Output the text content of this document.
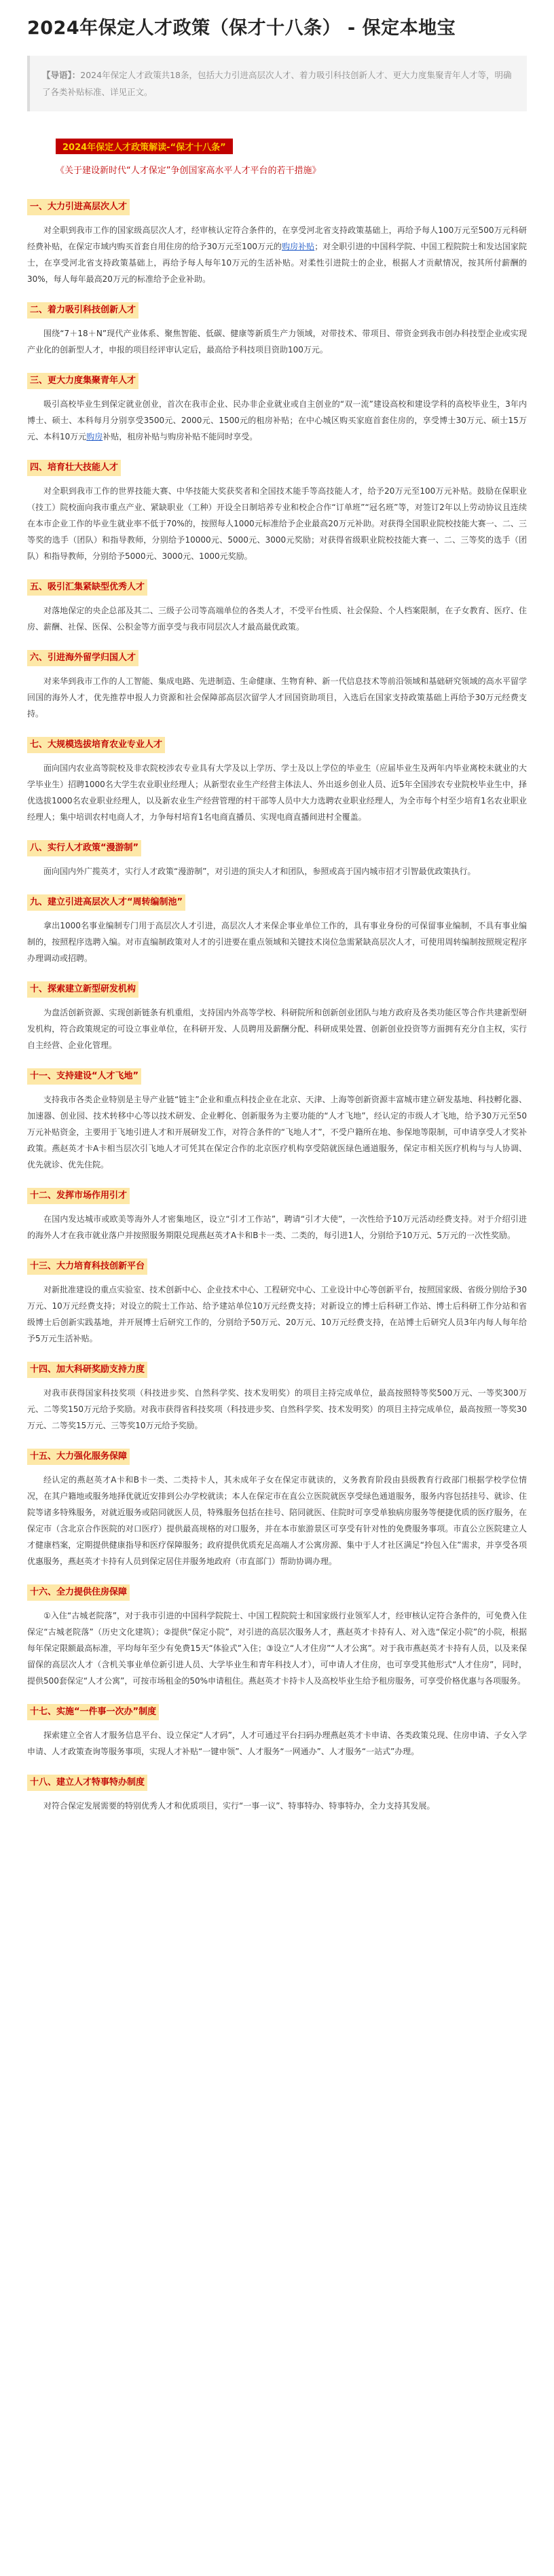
2024年保定人才政策（保才十八条） - 保定本地宝
【导语】：2024年保定人才政策共18条，包括大力引进高层次人才、着力吸引科技创新人才、更大力度集聚青年人才等，明确了各类补贴标准、详见正文。
2024年保定人才政策解读-“保才十八条”
《关于建设新时代“人才保定”争创国家高水平人才平台的若干措施》
一、大力引进高层次人才

对全职到我市工作的国家级高层次人才，经审核认定符合条件的，在享受河北省支持政策基础上，再给予每人100万元至500万元科研经费补贴，在保定市域内购买首套自用住房的给予30万元至100万元的购房补贴；对全职引进的中国科学院、中国工程院院士和发达国家院士，在享受河北省支持政策基础上，再给予每人每年10万元的生活补贴。对柔性引进院士的企业，根据人才贡献情况，按其所付薪酬的30%，每人每年最高20万元的标准给予企业补助。

二、着力吸引科技创新人才

围绕“7＋18＋N”现代产业体系、聚焦智能、低碳、健康等新质生产力领域，对带技术、带项目、带资金到我市创办科技型企业或实现产业化的创新型人才，申报的项目经评审认定后，最高给予科技项目资助100万元。

三、更大力度集聚青年人才

吸引高校毕业生到保定就业创业，首次在我市企业、民办非企业就业或自主创业的“双一流”建设高校和建设学科的高校毕业生，3年内博士、硕士、本科每月分别享受3500元、2000元、1500元的租房补贴；在中心城区购买家庭首套住房的，享受博士30万元、硕士15万元、本科10万元购房补贴，租房补贴与购房补贴不能同时享受。

四、培育壮大技能人才

对全职到我市工作的世界技能大赛、中华技能大奖获奖者和全国技术能手等高技能人才，给予20万元至100万元补贴。鼓励在保职业（技工）院校面向我市重点产业、紧缺职业（工种）开设全日制培养专业和校企合作“订单班”“冠名班”等，对签订2年以上劳动协议且连续在本市企业工作的毕业生就业率不低于70%的，按照每人1000元标准给予企业最高20万元补助。对获得全国职业院校技能大赛一、二、三等奖的选手（团队）和指导教师，分别给予10000元、5000元、3000元奖励；对获得省级职业院校技能大赛一、二、三等奖的选手（团队）和指导教师，分别给予5000元、3000元、1000元奖励。

五、吸引汇集紧缺型优秀人才

对落地保定的央企总部及其二、三级子公司等高端单位的各类人才，不受平台性质、社会保险、个人档案限制，在子女教育、医疗、住房、薪酬、社保、医保、公积金等方面享受与我市同层次人才最高最优政策。

六、引进海外留学归国人才

对来华到我市工作的人工智能、集成电路、先进制造、生命健康、生物育种、新一代信息技术等前沿领域和基础研究领域的高水平留学回国的海外人才，优先推荐申报人力资源和社会保障部高层次留学人才回国资助项目，入选后在国家支持政策基础上再给予30万元经费支持。

七、大规模选拔培育农业专业人才

面向国内农业高等院校及非农院校涉农专业具有大学及以上学历、学士及以上学位的毕业生（应届毕业生及两年内毕业离校未就业的大学毕业生）招聘1000名大学生农业职业经理人；从新型农业生产经营主体法人、外出返乡创业人员、近5年全国涉农专业院校毕业生中，择优选拔1000名农业职业经理人，以及新农业生产经营管理的村干部等人员中大力选聘农业职业经理人，为全市每个村至少培育1名农业职业经理人；集中培训农村电商人才，力争每村培育1名电商直播员、实现电商直播间进村全覆盖。

八、实行人才政策“漫游制”

面向国内外广揽英才，实行人才政策“漫游制”，对引进的顶尖人才和团队，参照或高于国内城市招才引智最优政策执行。

九、建立引进高层次人才“周转编制池”

拿出1000名事业编制专门用于高层次人才引进，高层次人才来保企事业单位工作的，具有事业身份的可保留事业编制，不具有事业编制的，按照程序选聘入编。对市直编制政策对人才的引进要在重点领域和关键技术岗位急需紧缺高层次人才，可使用周转编制按照规定程序办理调动或招聘。

十、探索建立新型研发机构

为盘活创新资源、实现创新链条有机重组，支持国内外高等学校、科研院所和创新创业团队与地方政府及各类功能区等合作共建新型研发机构，符合政策规定的可设立事业单位，在科研开发、人员聘用及薪酬分配、科研成果处置、创新创业投资等方面拥有充分自主权，实行自主经营、企业化管理。

十一、支持建设“人才飞地”

支持我市各类企业特别是主导产业链“链主”企业和重点科技企业在北京、天津、上海等创新资源丰富城市建立研发基地、科技孵化器、加速器、创业园、技术转移中心等以技术研发、企业孵化、创新服务为主要功能的“人才飞地”，经认定的市级人才飞地，给予30万元至50万元补贴资金，主要用于飞地引进人才和开展研发工作，对符合条件的“飞地人才”，不受户籍所在地、参保地等限制，可申请享受人才奖补政策。燕赵英才卡A卡相当层次引飞地人才可凭其在保定合作的北京医疗机构享受陪就医绿色通道服务，保定市相关医疗机构与与人协调、优先就诊、优先住院。

十二、发挥市场作用引才

在国内发达城市或欧美等海外人才密集地区，设立“引才工作站”，聘请“引才大使”，一次性给予10万元活动经费支持。对于介绍引进的海外人才在我市就业落户并按照服务期限兑现燕赵英才A卡和B卡一类、二类的，每引进1人，分别给予10万元、5万元的一次性奖励。

十三、大力培育科技创新平台

对新批准建设的重点实验室、技术创新中心、企业技术中心、工程研究中心、工业设计中心等创新平台，按照国家级、省级分别给予30万元、10万元经费支持；对设立的院士工作站、给予建站单位10万元经费支持；对新设立的博士后科研工作站、博士后科研工作分站和省级博士后创新实践基地，并开展博士后研究工作的，分别给予50万元、20万元、10万元经费支持，在站博士后研究人员3年内每人每年给予5万元生活补贴。

十四、加大科研奖励支持力度

对我市获得国家科技奖项（科技进步奖、自然科学奖、技术发明奖）的项目主持完成单位，最高按照特等奖500万元、一等奖300万元、二等奖150万元给予奖励。对我市获得省科技奖项（科技进步奖、自然科学奖、技术发明奖）的项目主持完成单位，最高按照一等奖30万元、二等奖15万元、三等奖10万元给予奖励。

十五、大力强化服务保障

经认定的燕赵英才A卡和B卡一类、二类持卡人，其未成年子女在保定市就读的，义务教育阶段由县级教育行政部门根据学校学位情况，在其户籍地或服务地择优就近安排到公办学校就读；本人在保定市在直公立医院就医享受绿色通道服务，服务内容包括挂号、就诊、住院等诸多特殊服务，对就近服务或陪同就医人员，特殊服务包括在挂号、陪同就医、住院时可享受单独病房服务等便捷优质的医疗服务，在保定市（含北京合作医院的对口医疗）提供最高规格的对口服务，并在本市旅游景区可享受有针对性的免费服务事项。市直公立医院建立人才健康档案，定期提供健康指导和医疗保障服务；政府提供优质充足高端人才公寓房源、集中于人才社区满足“拎包入住”需求，并享受各项优惠服务，燕赵英才卡持有人员到保定居住并服务地政府（市直部门）帮助协调办理。

十六、全力提供住房保障

①入住“古城老院落”，对于我市引进的中国科学院院士、中国工程院院士和国家级行业领军人才，经审核认定符合条件的，可免费入住保定“古城老院落”（历史文化建筑）；②提供“保定小院”，对引进的高层次服务人才，燕赵英才卡持有人、对入选“保定小院”的小院，根据每年保定限额最高标准，平均每年至少有免费15天“体验式”入住；③设立“人才住房”“人才公寓”。对于我市燕赵英才卡持有人员，以及来保留保的高层次人才（含机关事业单位新引进人员、大学毕业生和青年科技人才），可申请人才住房，也可享受其他形式“人才住房”，同时，提供500套保定“人才公寓”，可按市场租金的50%申请租住。燕赵英才卡持卡人及高校毕业生给予租房服务，可享受价格优惠与各项服务。

十七、实施“一件事一次办”制度

探索建立全省人才服务信息平台、设立保定“人才码”，人才可通过平台扫码办理燕赵英才卡申请、各类政策兑现、住房申请、子女入学申请、人才政策查询等服务事项，实现人才补贴“一键申领”、人才服务“一网通办”、人才服务“一站式”办理。

十八、建立人才特事特办制度

对符合保定发展需要的特别优秀人才和优质项目，实行“一事一议”、特事特办、特事特办，全力支持其发展。
